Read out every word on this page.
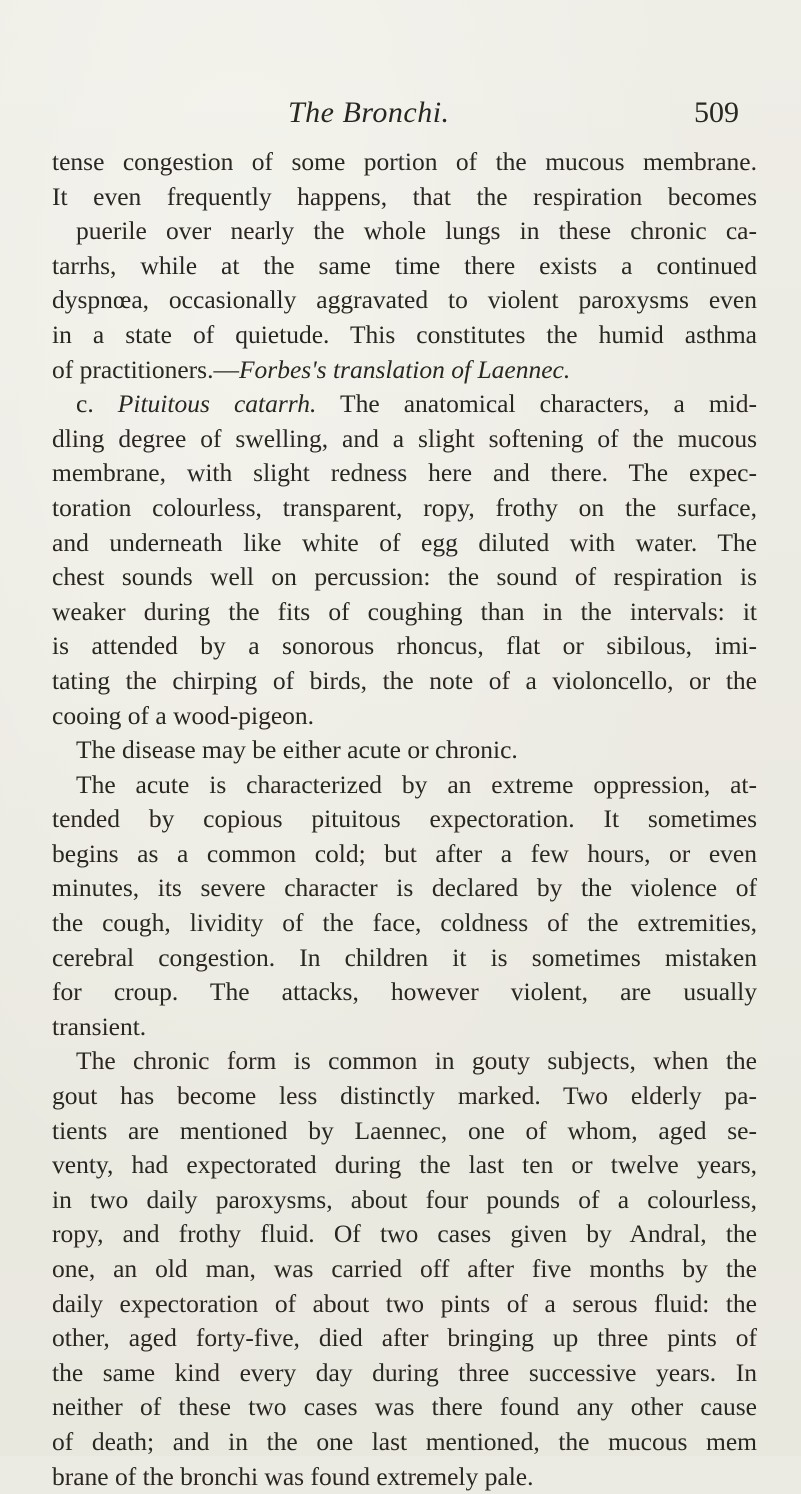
The Bronchi.	509
tense congestion of some portion of the mucous membrane.
It even frequently happens, that the respiration becomes
puerile over nearly the whole lungs in these chronic ca-
tarrhs, while at the same time there exists a continued
dyspnœa, occasionally aggravated to violent paroxysms even
in a state of quietude. This constitutes the humid asthma
of practitioners.—Forbes's translation of Laennec.
c. Pituitous catarrh. The anatomical characters, a mid-
dling degree of swelling, and a slight softening of the mucous
membrane, with slight redness here and there. The expec-
toration colourless, transparent, ropy, frothy on the surface,
and underneath like white of egg diluted with water. The
chest sounds well on percussion: the sound of respiration is
weaker during the fits of coughing than in the intervals: it
is attended by a sonorous rhoncus, flat or sibilous, imi-
tating the chirping of birds, the note of a violoncello, or the
cooing of a wood-pigeon.
The disease may be either acute or chronic.
The acute is characterized by an extreme oppression, at-
tended by copious pituitous expectoration. It sometimes
begins as a common cold; but after a few hours, or even
minutes, its severe character is declared by the violence of
the cough, lividity of the face, coldness of the extremities,
cerebral congestion. In children it is sometimes mistaken
for croup. The attacks, however violent, are usually
transient.
The chronic form is common in gouty subjects, when the
gout has become less distinctly marked. Two elderly pa-
tients are mentioned by Laennec, one of whom, aged se-
venty, had expectorated during the last ten or twelve years,
in two daily paroxysms, about four pounds of a colourless,
ropy, and frothy fluid. Of two cases given by Andral, the
one, an old man, was carried off after five months by the
daily expectoration of about two pints of a serous fluid: the
other, aged forty-five, died after bringing up three pints of
the same kind every day during three successive years. In
neither of these two cases was there found any other cause
of death; and in the one last mentioned, the mucous mem
brane of the bronchi was found extremely pale.
